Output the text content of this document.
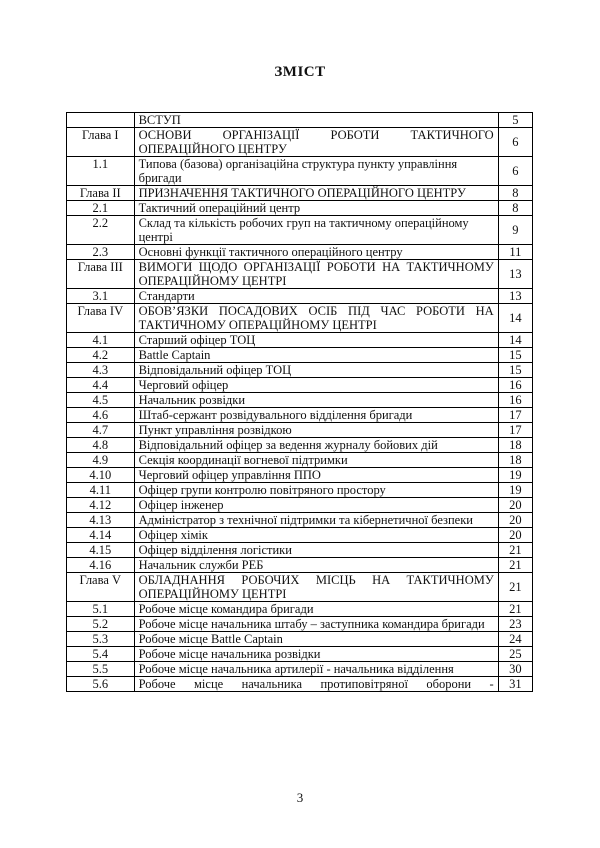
ЗМІСТ
	ВСТУП	5
Глава I	ОСНОВИ ОРГАНІЗАЦІЇ РОБОТИ ТАКТИЧНОГО ОПЕРАЦІЙНОГО ЦЕНТРУ	6
1.1	Типова (базова) організаційна структура пункту управління бригади	6
Глава II	ПРИЗНАЧЕННЯ ТАКТИЧНОГО ОПЕРАЦІЙНОГО ЦЕНТРУ	8
2.1	Тактичний операційний центр	8
2.2	Склад та кількість робочих груп на тактичному операційному центрі	9
2.3	Основні функції тактичного операційного центру	11
Глава III	ВИМОГИ ЩОДО ОРГАНІЗАЦІЇ РОБОТИ НА ТАКТИЧНОМУ ОПЕРАЦІЙНОМУ ЦЕНТРІ	13
3.1	Стандарти	13
Глава IV	ОБОВ’ЯЗКИ ПОСАДОВИХ ОСІБ ПІД ЧАС РОБОТИ НА ТАКТИЧНОМУ ОПЕРАЦІЙНОМУ ЦЕНТРІ	14
4.1	Старший офіцер ТОЦ	14
4.2	Battle Captain	15
4.3	Відповідальний офіцер ТОЦ	15
4.4	Черговий офіцер	16
4.5	Начальник розвідки	16
4.6	Штаб-сержант розвідувального відділення бригади	17
4.7	Пункт управління розвідкою	17
4.8	Відповідальний офіцер за ведення журналу бойових дій	18
4.9	Секція координації вогневої підтримки	18
4.10	Черговий офіцер управління ППО	19
4.11	Офіцер групи контролю повітряного простору	19
4.12	Офіцер інженер	20
4.13	Адміністратор з технічної підтримки та кібернетичної безпеки	20
4.14	Офіцер хімік	20
4.15	Офіцер відділення логістики	21
4.16	Начальник служби РЕБ	21
Глава V	ОБЛАДНАННЯ РОБОЧИХ МІСЦЬ НА ТАКТИЧНОМУ ОПЕРАЦІЙНОМУ ЦЕНТРІ	21
5.1	Робоче місце командира бригади	21
5.2	Робоче місце начальника штабу – заступника командира бригади	23
5.3	Робоче місце Battle Captain	24
5.4	Робоче місце начальника розвідки	25
5.5	Робоче місце начальника артилерії - начальника відділення	30
5.6	Робоче місце начальника протиповітряної оборони -	31
3
